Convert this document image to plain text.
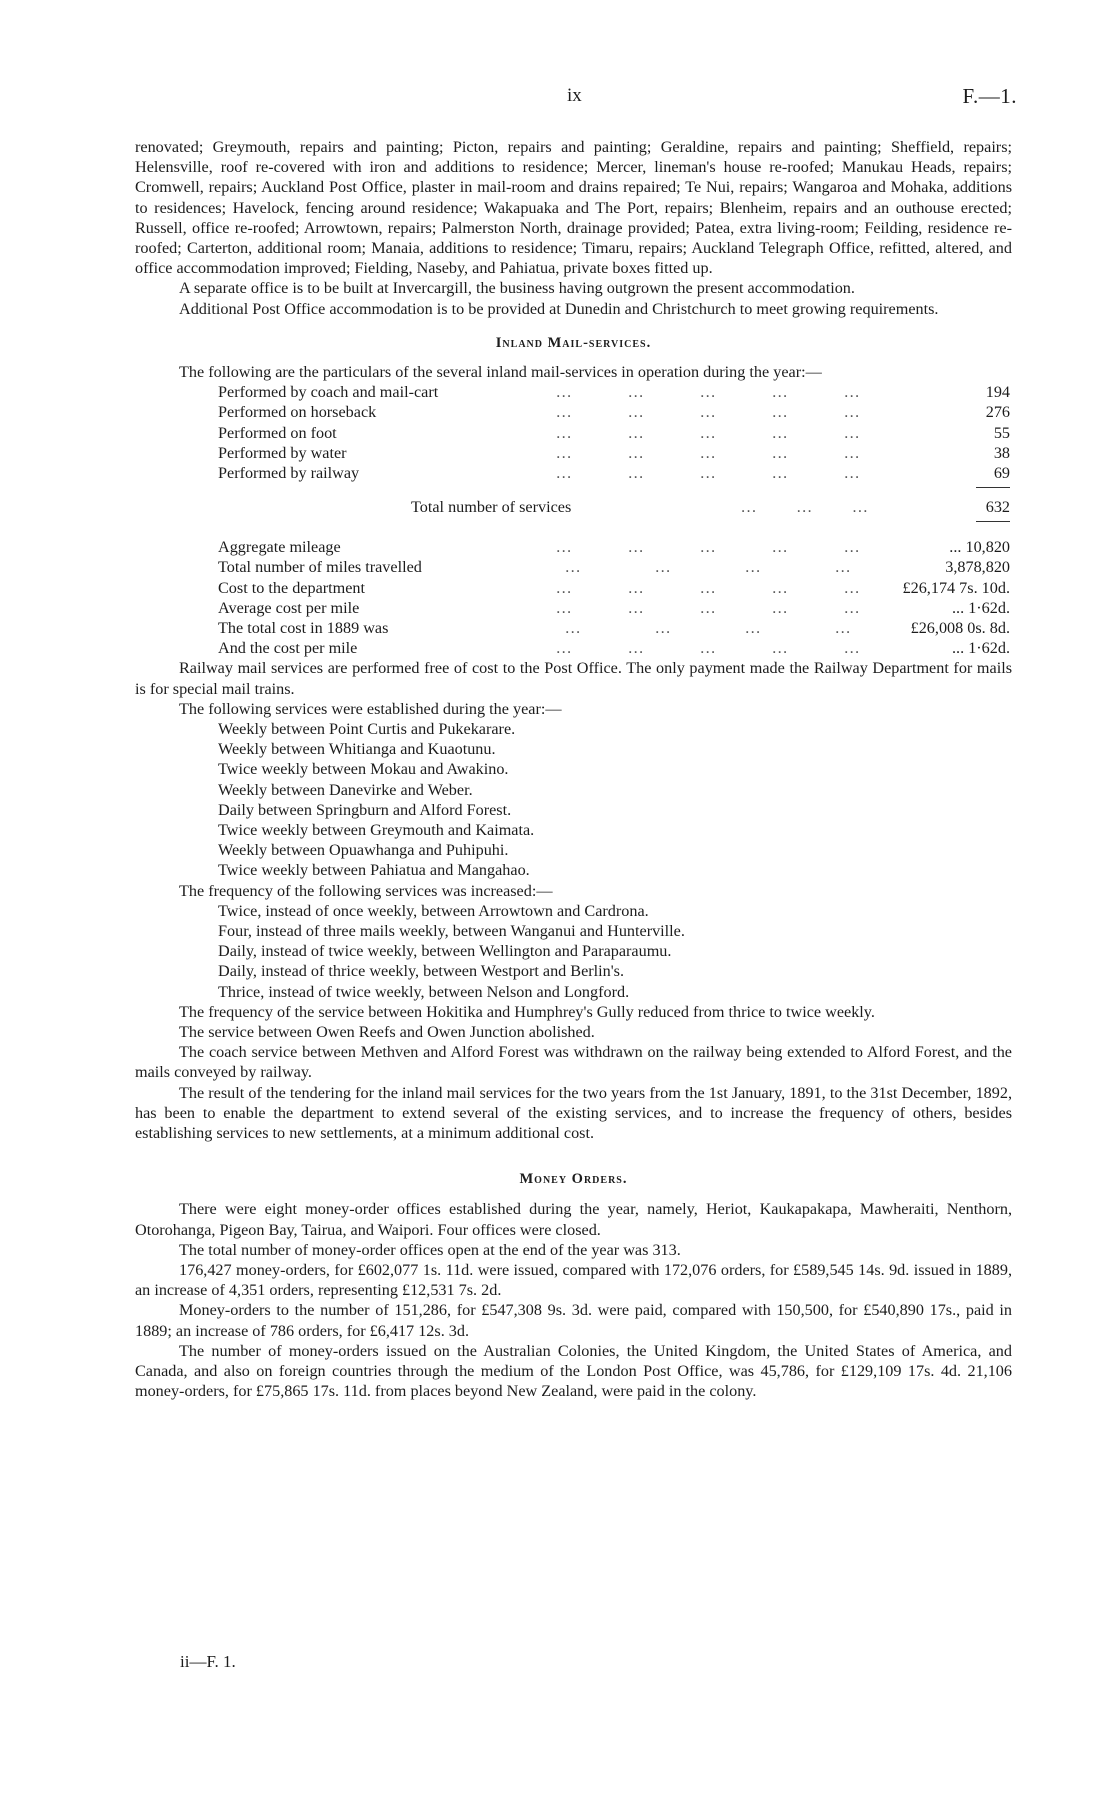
ix	F.—1.

renovated; Greymouth, repairs and painting; Picton, repairs and painting; Geraldine, repairs and painting; Sheffield, repairs; Helensville, roof re-covered with iron and additions to residence; Mercer, lineman's house re-roofed; Manukau Heads, repairs; Cromwell, repairs; Auckland Post Office, plaster in mail-room and drains repaired; Te Nui, repairs; Wangaroa and Mohaka, additions to residences; Havelock, fencing around residence; Wakapuaka and The Port, repairs; Blenheim, repairs and an outhouse erected; Russell, office re-roofed; Arrowtown, repairs; Palmerston North, drainage provided; Patea, extra living-room; Feilding, residence re-roofed; Carterton, additional room; Manaia, additions to residence; Timaru, repairs; Auckland Telegraph Office, refitted, altered, and office accommodation improved; Fielding, Naseby, and Pahiatua, private boxes fitted up.

A separate office is to be built at Invercargill, the business having outgrown the present accommodation.

Additional Post Office accommodation is to be provided at Dunedin and Christchurch to meet growing requirements.

Inland Mail-services.

The following are the particulars of the several inland mail-services in operation during the year:—

Performed by coach and mail-cart	…	…	…	…	…	194
Performed on horseback	…	…	…	…	…	276
Performed on foot	…	…	…	…	…	55
Performed by water	…	…	…	…	…	38
Performed by railway	…	…	…	…	…	69
Total number of services	…	…	…	632
Aggregate mileage	…	…	…	…	…	... 10,820
Total number of miles travelled	…	…	…	…	3,878,820
Cost to the department	…	…	…	…	…	£26,174 7s. 10d.
Average cost per mile	…	…	…	…	…	... 1·62d.
The total cost in 1889 was	…	…	…	…	£26,008 0s. 8d.
And the cost per mile	…	…	…	…	…	... 1·62d.

Railway mail services are performed free of cost to the Post Office. The only payment made the Railway Department for mails is for special mail trains.

The following services were established during the year:—

Weekly between Point Curtis and Pukekarare.
Weekly between Whitianga and Kuaotunu.
Twice weekly between Mokau and Awakino.
Weekly between Danevirke and Weber.
Daily between Springburn and Alford Forest.
Twice weekly between Greymouth and Kaimata.
Weekly between Opuawhanga and Puhipuhi.
Twice weekly between Pahiatua and Mangahao.

The frequency of the following services was increased:—

Twice, instead of once weekly, between Arrowtown and Cardrona.
Four, instead of three mails weekly, between Wanganui and Hunterville.
Daily, instead of twice weekly, between Wellington and Paraparaumu.
Daily, instead of thrice weekly, between Westport and Berlin's.
Thrice, instead of twice weekly, between Nelson and Longford.

The frequency of the service between Hokitika and Humphrey's Gully reduced from thrice to twice weekly.

The service between Owen Reefs and Owen Junction abolished.

The coach service between Methven and Alford Forest was withdrawn on the railway being extended to Alford Forest, and the mails conveyed by railway.

The result of the tendering for the inland mail services for the two years from the 1st January, 1891, to the 31st December, 1892, has been to enable the department to extend several of the existing services, and to increase the frequency of others, besides establishing services to new settlements, at a minimum additional cost.

Money Orders.

There were eight money-order offices established during the year, namely, Heriot, Kaukapakapa, Mawheraiti, Nenthorn, Otorohanga, Pigeon Bay, Tairua, and Waipori. Four offices were closed.

The total number of money-order offices open at the end of the year was 313.

176,427 money-orders, for £602,077 1s. 11d. were issued, compared with 172,076 orders, for £589,545 14s. 9d. issued in 1889, an increase of 4,351 orders, representing £12,531 7s. 2d.

Money-orders to the number of 151,286, for £547,308 9s. 3d. were paid, compared with 150,500, for £540,890 17s., paid in 1889; an increase of 786 orders, for £6,417 12s. 3d.

The number of money-orders issued on the Australian Colonies, the United Kingdom, the United States of America, and Canada, and also on foreign countries through the medium of the London Post Office, was 45,786, for £129,109 17s. 4d. 21,106 money-orders, for £75,865 17s. 11d. from places beyond New Zealand, were paid in the colony.

ii—F. 1.
